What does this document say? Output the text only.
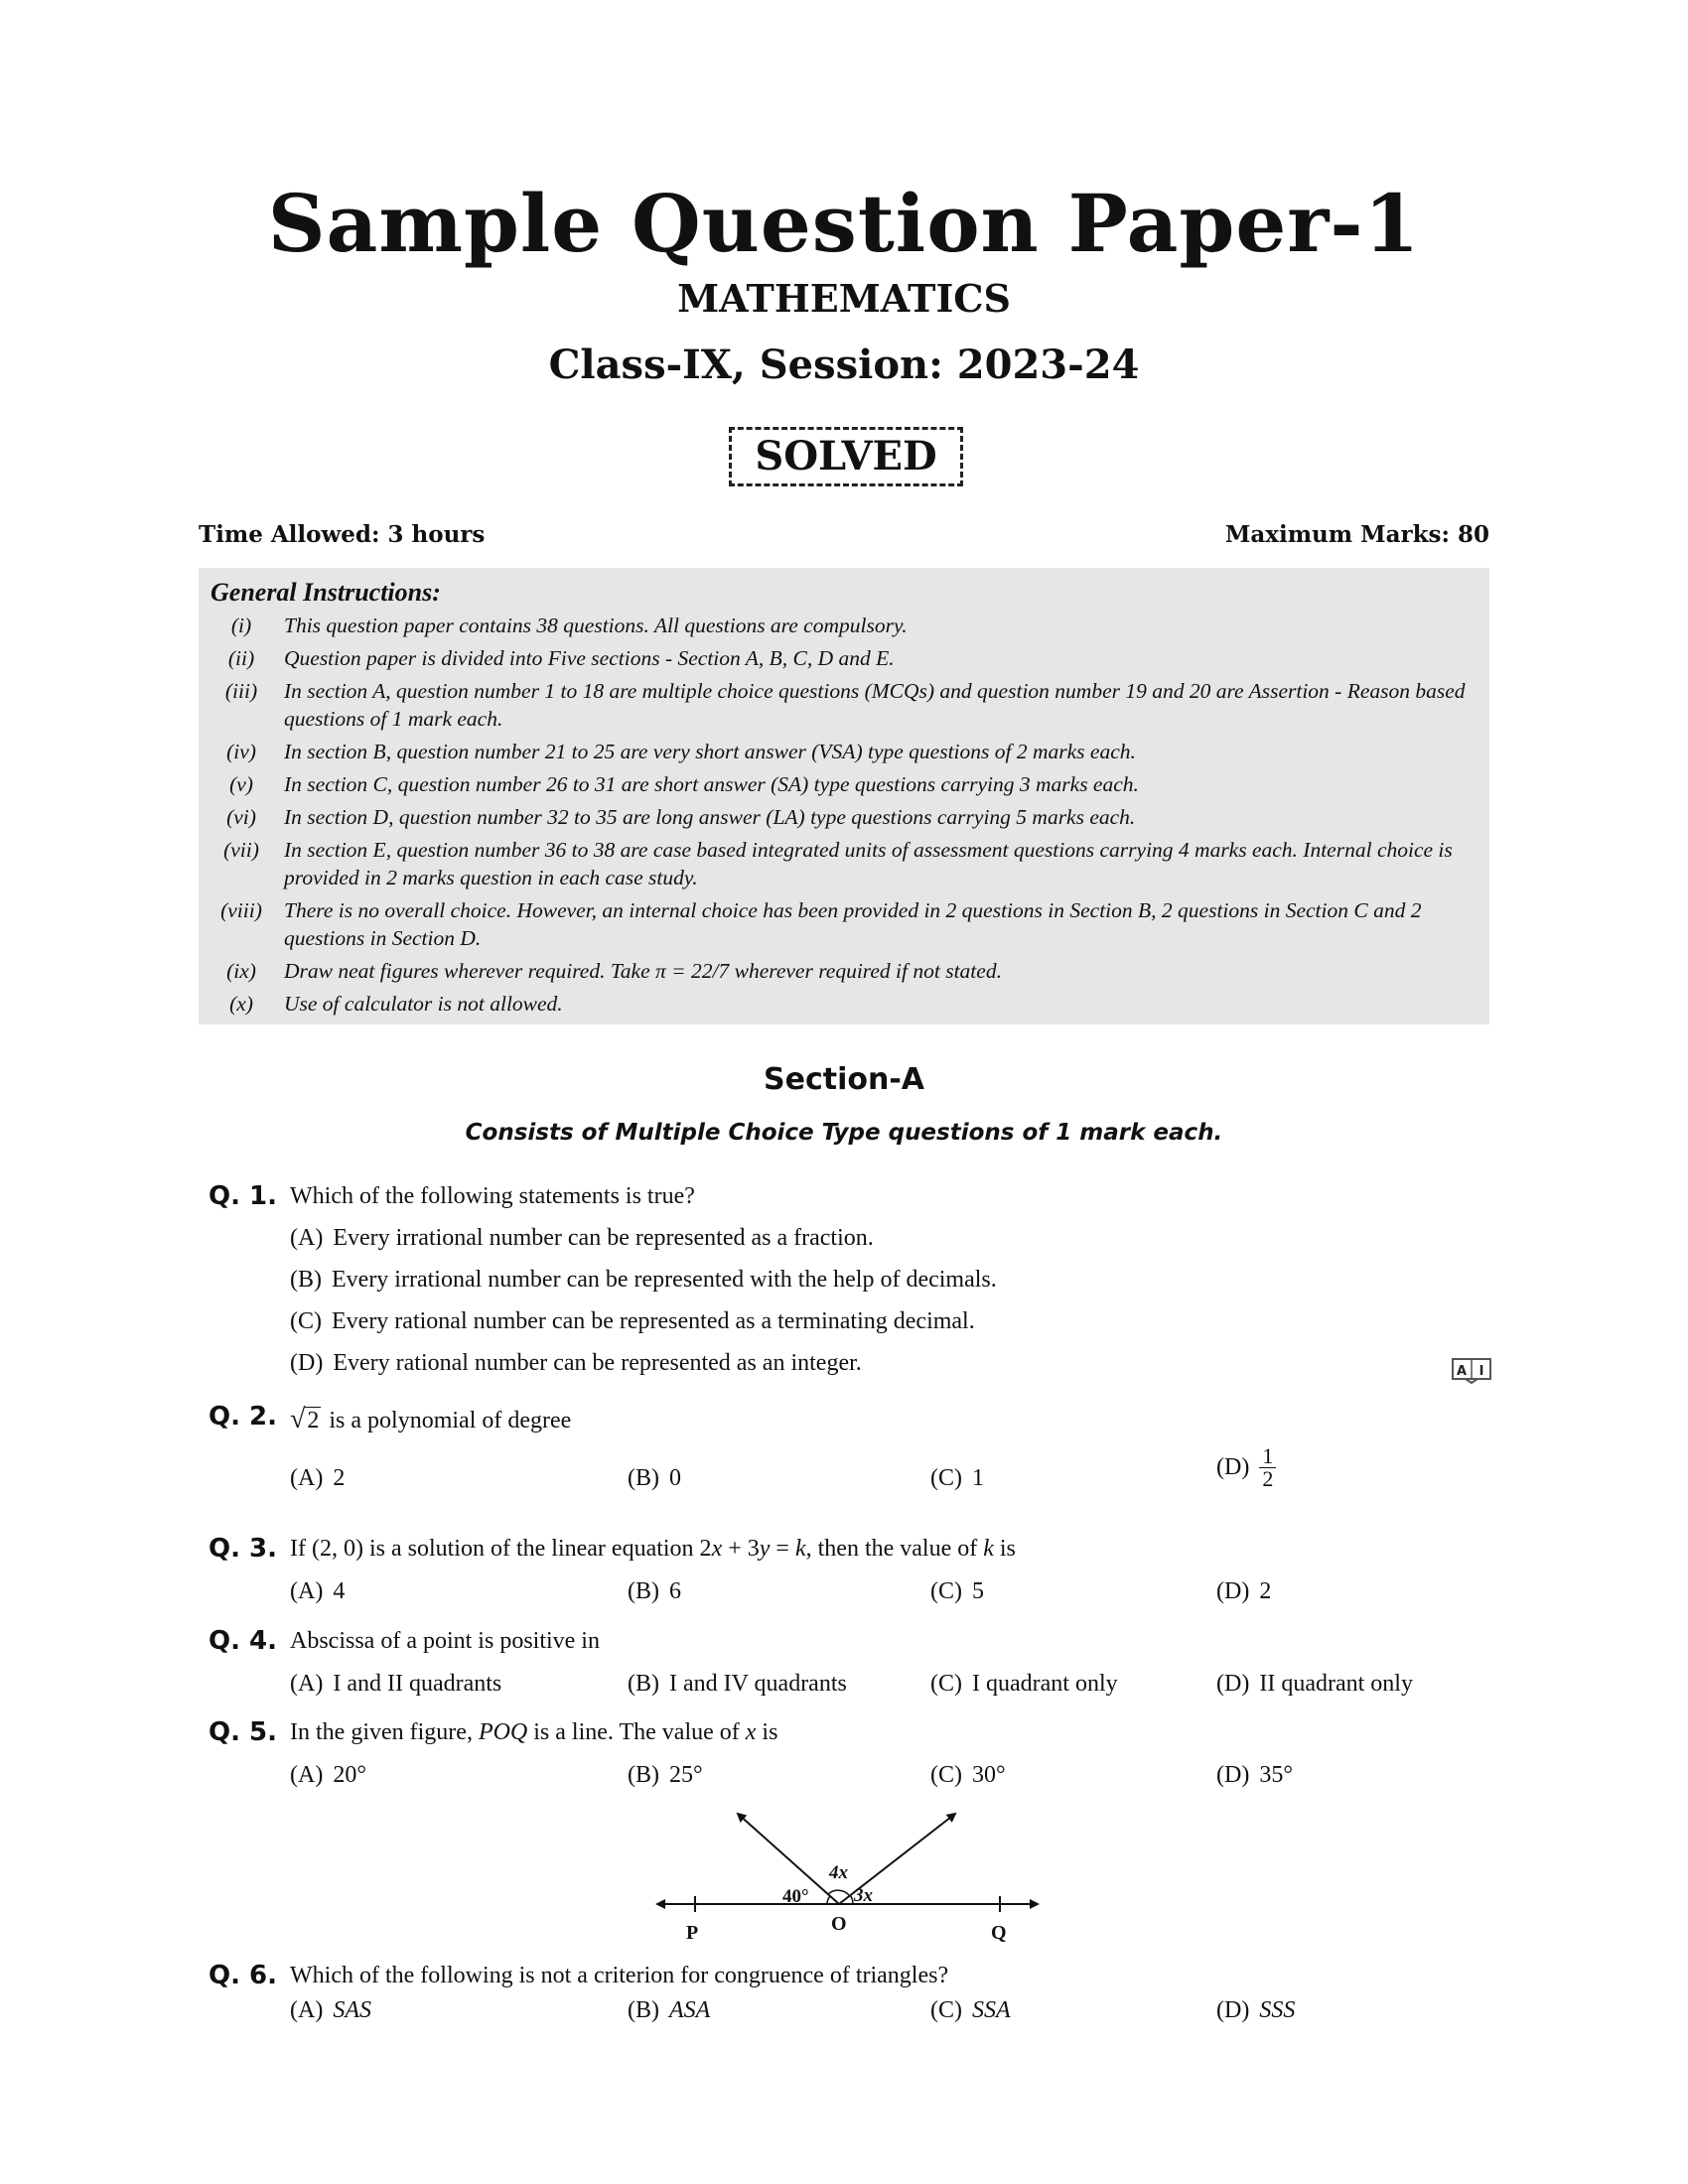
Sample Question Paper-1
MATHEMATICS
Class-IX, Session: 2023-24
SOLVED
Time Allowed: 3 hours	Maximum Marks: 80
General Instructions:
(i)	This question paper contains 38 questions. All questions are compulsory.
(ii)	Question paper is divided into Five sections - Section A, B, C, D and E.
(iii)	In section A, question number 1 to 18 are multiple choice questions (MCQs) and question number 19 and 20 are Assertion - Reason based questions of 1 mark each.
(iv)	In section B, question number 21 to 25 are very short answer (VSA) type questions of 2 marks each.
(v)	In section C, question number 26 to 31 are short answer (SA) type questions carrying 3 marks each.
(vi)	In section D, question number 32 to 35 are long answer (LA) type questions carrying 5 marks each.
(vii)	In section E, question number 36 to 38 are case based integrated units of assessment questions carrying 4 marks each. Internal choice is provided in 2 marks question in each case study.
(viii)	There is no overall choice. However, an internal choice has been provided in 2 questions in Section B, 2 questions in Section C and 2 questions in Section D.
(ix)	Draw neat figures wherever required. Take π = 22/7 wherever required if not stated.
(x)	Use of calculator is not allowed.
Section-A
Consists of Multiple Choice Type questions of 1 mark each.
Q. 1. Which of the following statements is true?
(A) Every irrational number can be represented as a fraction.
(B) Every irrational number can be represented with the help of decimals.
(C) Every rational number can be represented as a terminating decimal.
(D) Every rational number can be represented as an integer.	A I
Q. 2. √2 is a polynomial of degree
(A) 2	(B) 0	(C) 1	$(D) \frac{1}{2}$
Q. 3. If (2, 0) is a solution of the linear equation 2x + 3y = k, then the value of k is
(A) 4	(B) 6	(C) 5	(D) 2
Q. 4. Abscissa of a point is positive in
(A) I and II quadrants	(B) I and IV quadrants	(C) I quadrant only	(D) II quadrant only
Q. 5. In the given figure, POQ is a line. The value of x is
(A) 20°	(B) 25°	(C) 30°	(D) 35°
40°
4x
3x
P	O	Q
Q. 6. Which of the following is not a criterion for congruence of triangles?
(A) SAS	(B) ASA	(C) SSA	(D) SSS
